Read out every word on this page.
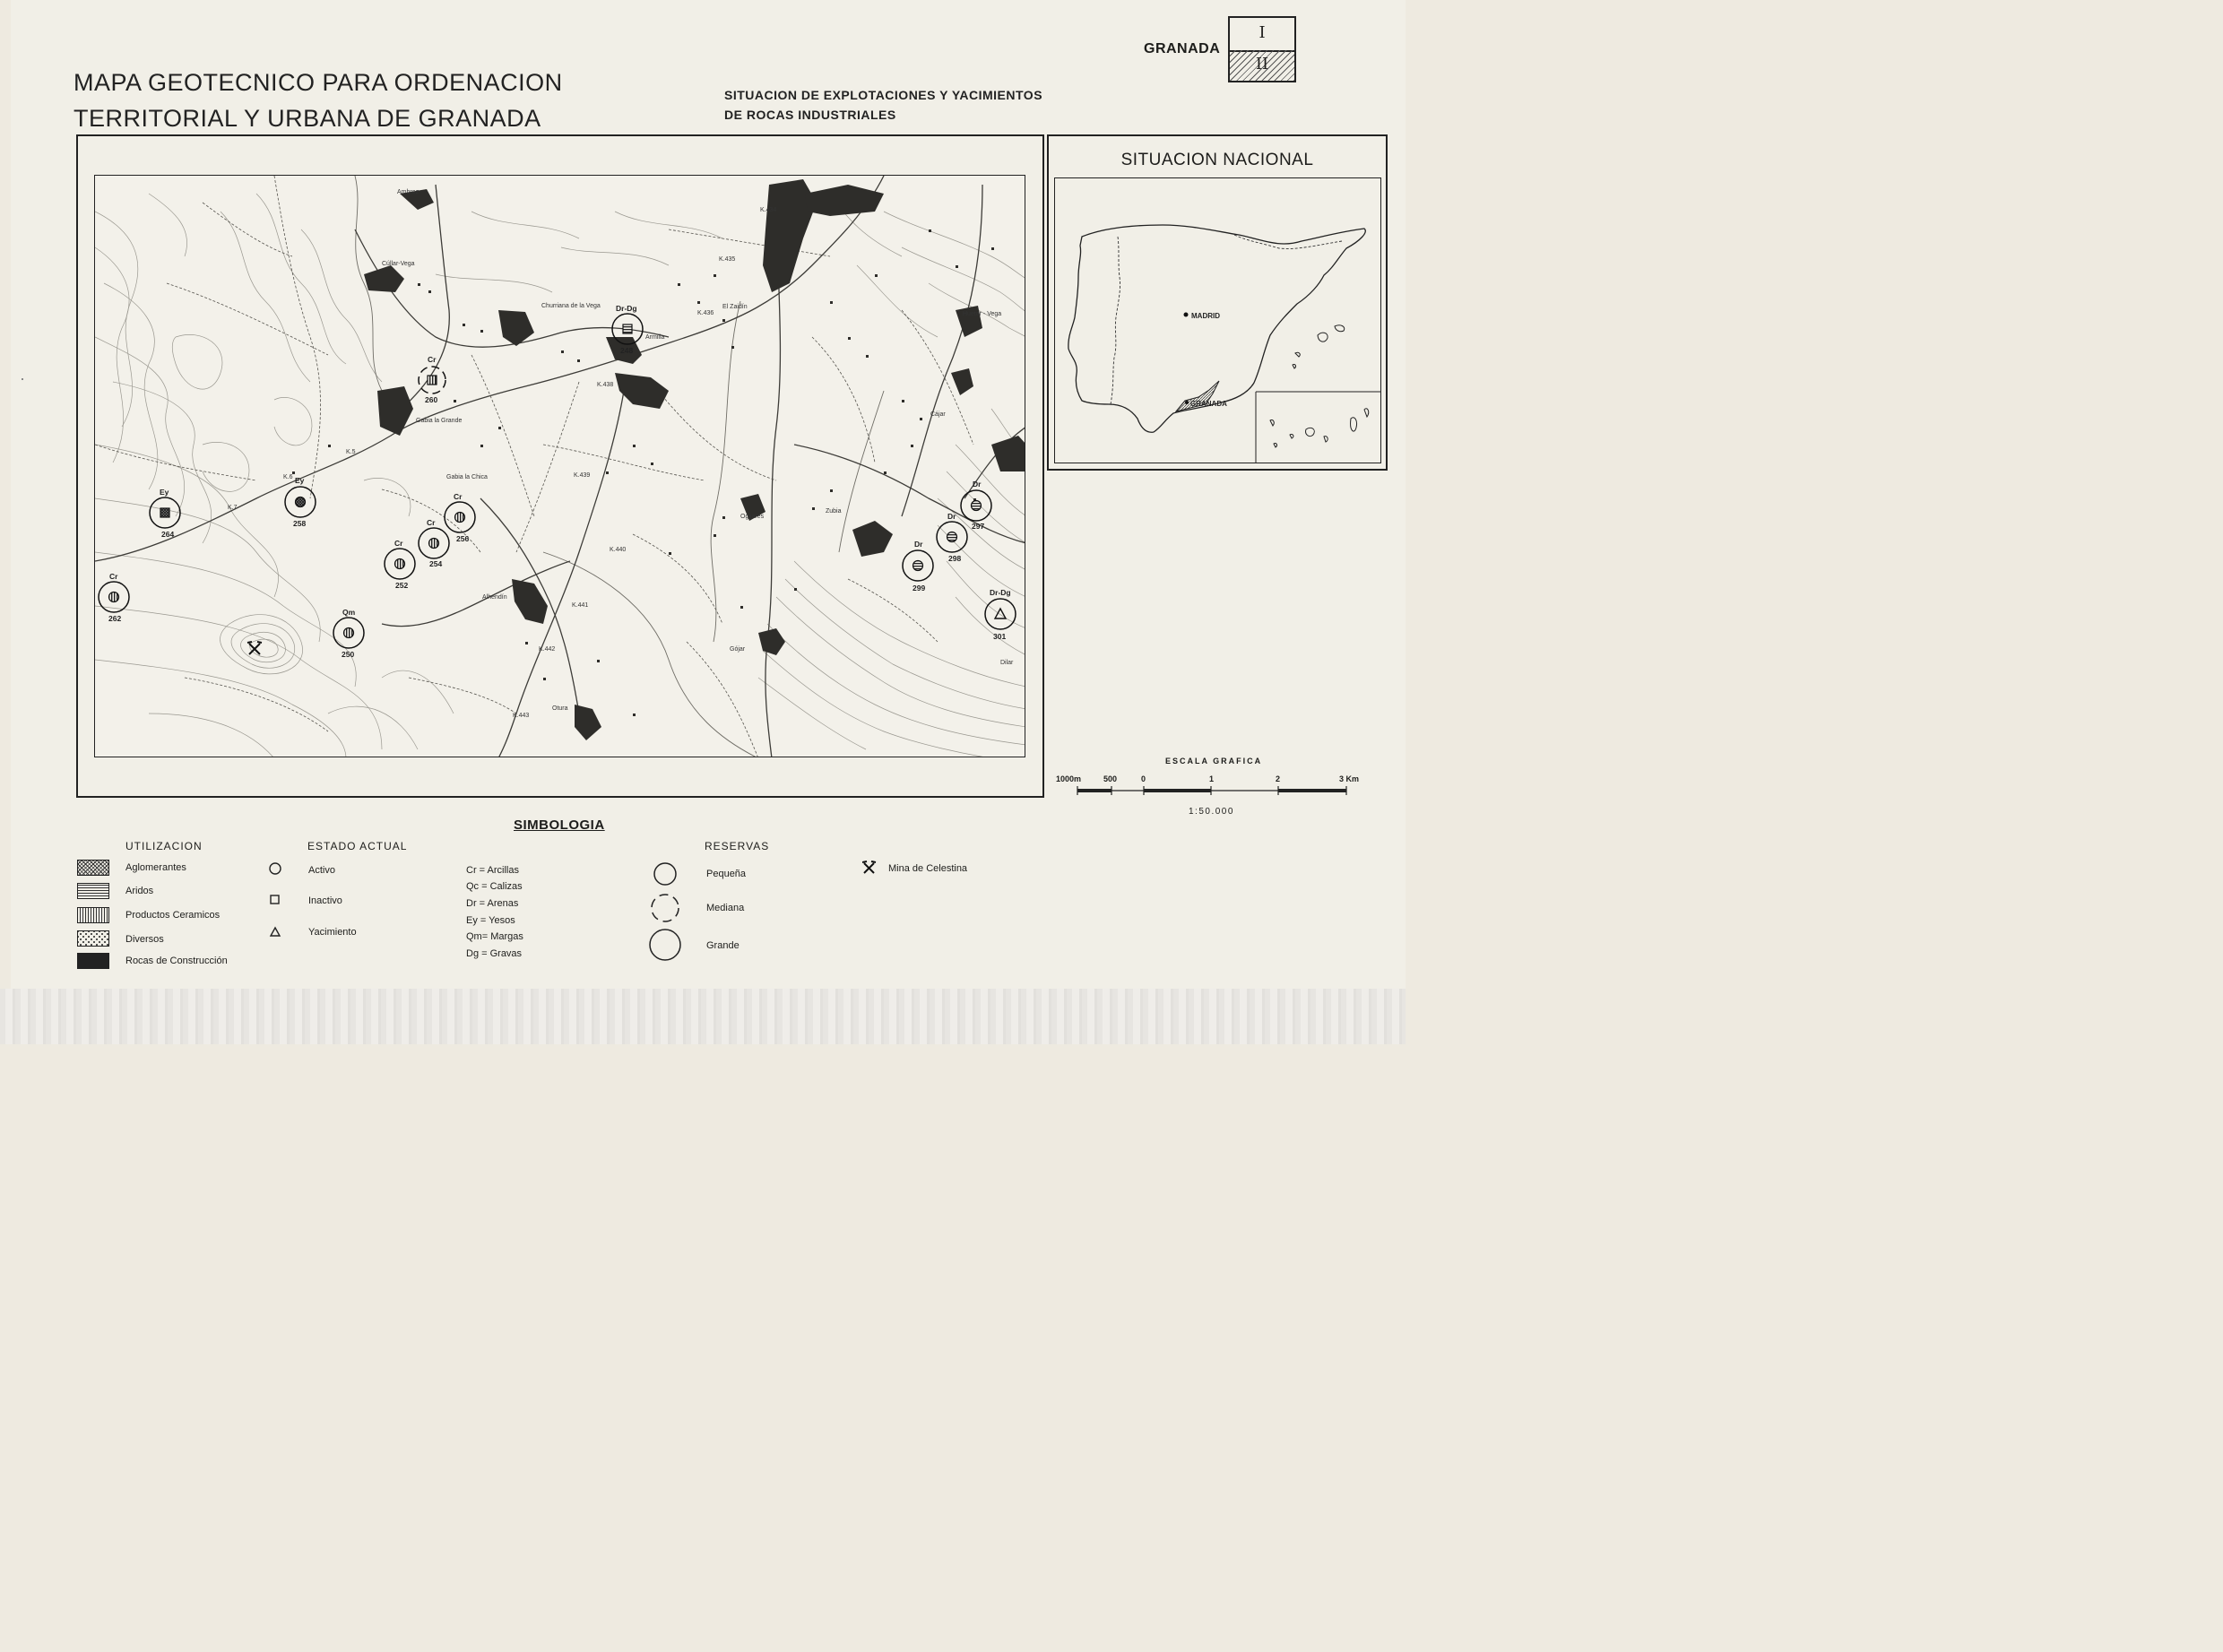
MAPA GEOTECNICO PARA ORDENACION
TERRITORIAL Y URBANA DE GRANADA
SITUACION DE EXPLOTACIONES Y YACIMIENTOS
DE ROCAS INDUSTRIALES
GRANADA
I
II
Ambroz
Cúllar-Vega
Churriana de la Vega
Armilla
El Zaidín
Huetor - Vega
Gabia la Grande
Gabia la Chica
Cájar
Ogijares
Zubia
Alhendín
Gójar
Otura
Dilar
K.434
K.435
K.436
K.438
K.439
K.440
K.441
K.442
K.443
K.5
K.6
K.7
Dr-Dg
248
Cr
260
Ey
264
Ey
258
Cr
256
Cr
254
Cr
252
Cr
262
Qm
250
Dr
297
Dr
298
Dr
299	Dr-Dg
301
SITUACION NACIONAL
MADRID
GRANADA
ESCALA GRAFICA
1000m	500	0	1	2	3 Km
1:50.000
SIMBOLOGIA
UTILIZACION
Aglomerantes
Aridos
Productos Ceramicos
Diversos
Rocas de Construcción
ESTADO ACTUAL
Activo
Inactivo
Yacimiento
Cr = Arcillas
Qc = Calizas
Dr = Arenas
Ey = Yesos
Qm= Margas
Dg = Gravas
RESERVAS
Pequeña
Mediana
Grande
Mina de Celestina
